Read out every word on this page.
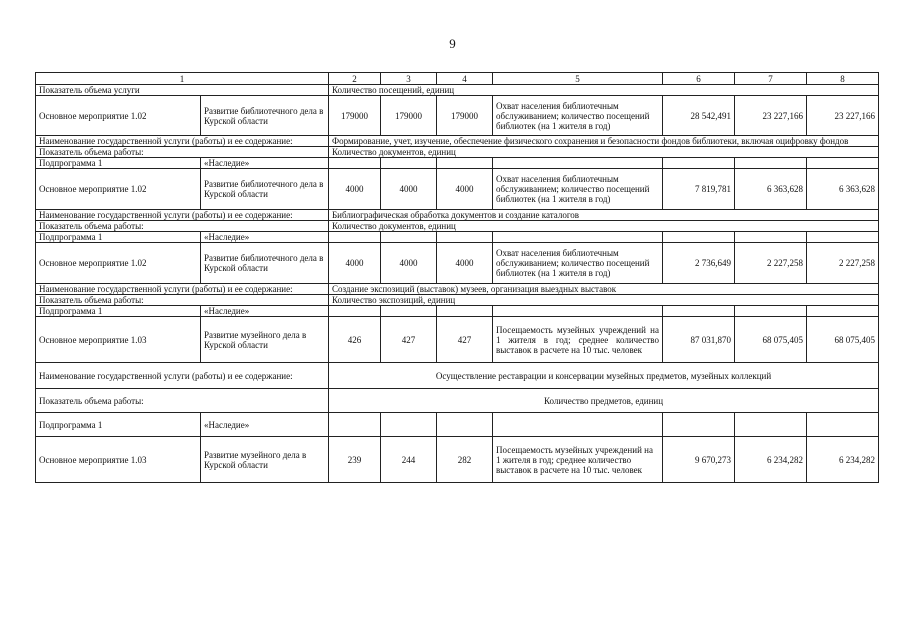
9
1		2	3	4	5	6	7	8
Показатель объема услуги		Количество посещений, единиц						
Основное мероприятие 1.02	Развитие библиотечного дела в Курской области	179000	179000	179000	Охват населения библиотечным обслуживанием; количество посещений библиотек (на 1 жителя в год)	28 542,491	23 227,166	23 227,166
Наименование государственной услуги (работы) и ее содержание:		Формирование, учет, изучение, обеспечение физического сохранения и безопасности фондов библиотеки, включая оцифровку фондов						
Показатель объема работы:		Количество документов, единиц						
Подпрограмма 1	«Наследие»							
Основное мероприятие 1.02	Развитие библиотечного дела в Курской области	4000	4000	4000	Охват населения библиотечным обслуживанием; количество посещений библиотек (на 1 жителя в год)	7 819,781	6 363,628	6 363,628
Наименование государственной услуги (работы) и ее содержание:		Библиографическая обработка документов и создание каталогов						
Показатель объема работы:		Количество документов, единиц						
Подпрограмма 1	«Наследие»							
Основное мероприятие 1.02	Развитие библиотечного дела в Курской области	4000	4000	4000	Охват населения библиотечным обслуживанием; количество посещений библиотек (на 1 жителя в год)	2 736,649	2 227,258	2 227,258
Наименование государственной услуги (работы) и ее содержание:		Создание экспозиций (выставок) музеев, организация выездных выставок						
Показатель объема работы:		Количество экспозиций, единиц						
Подпрограмма 1	«Наследие»							
Основное мероприятие 1.03	Развитие музейного дела в Курской области	426	427	427	Посещаемость музейных учреждений на 1 жителя в год; среднее количество выставок в расчете на 10 тыс. человек	87 031,870	68 075,405	68 075,405
Наименование государственной услуги (работы) и ее содержание:		Осуществление реставрации и консервации музейных предметов, музейных коллекций						
Показатель объема работы:		Количество предметов, единиц						
Подпрограмма 1	«Наследие»							
Основное мероприятие 1.03	Развитие музейного дела в Курской области	239	244	282	Посещаемость музейных учреждений на 1 жителя в год; среднее количество выставок в расчете на 10 тыс. человек	9 670,273	6 234,282	6 234,282
